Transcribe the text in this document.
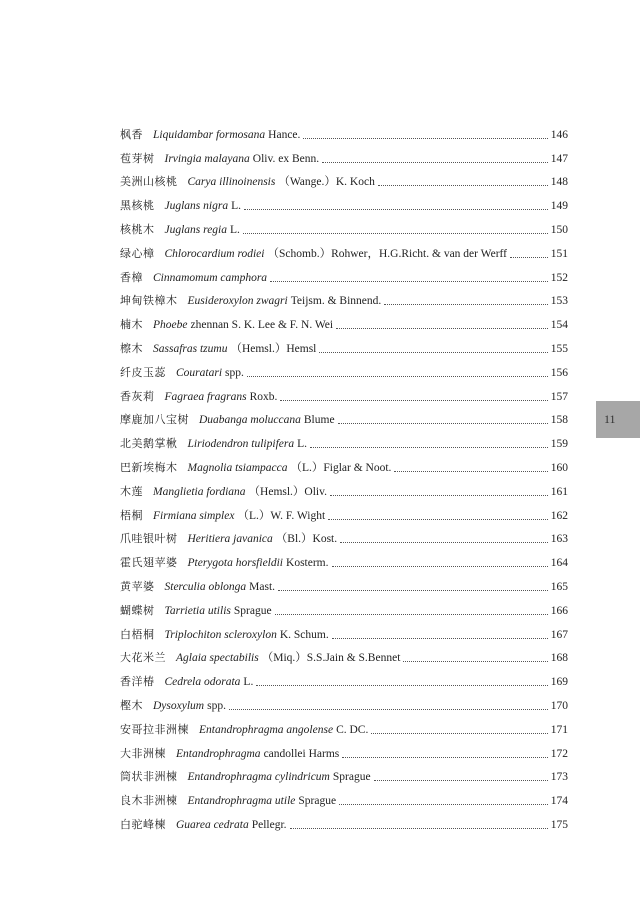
枫香 Liquidambar formosana Hance.	146
苞芽树 Irvingia malayana Oliv. ex Benn.	147
美洲山核桃 Carya illinoinensis （Wange.）K. Koch	148
黑核桃 Juglans nigra L.	149
核桃木 Juglans regia L.	150
绿心樟 Chlorocardium rodiei （Schomb.）Rohwer，H.G.Richt. & van der Werff	151
香樟 Cinnamomum camphora	152
坤甸铁樟木 Eusideroxylon zwagri Teijsm. & Binnend.	153
楠木 Phoebe zhennan S. K. Lee & F. N. Wei	154
檫木 Sassafras tzumu （Hemsl.）Hemsl	155
纤皮玉蕊 Couratari spp.	156
香灰莉 Fagraea fragrans Roxb.	157
摩鹿加八宝树 Duabanga moluccana Blume	158
北美鹅掌楸 Liriodendron tulipifera L.	159
巴新埃梅木 Magnolia tsiampacca （L.）Figlar & Noot.	160
木莲 Manglietia fordiana （Hemsl.）Oliv.	161
梧桐 Firmiana simplex （L.）W. F. Wight	162
爪哇银叶树 Heritiera javanica （Bl.）Kost.	163
霍氏翅苹婆 Pterygota horsfieldii Kosterm.	164
黄苹婆 Sterculia oblonga Mast.	165
蝴蝶树 Tarrietia utilis Sprague	166
白梧桐 Triplochiton scleroxylon K. Schum.	167
大花米兰 Aglaia spectabilis （Miq.）S.S.Jain & S.Bennet	168
香洋椿 Cedrela odorata L.	169
樫木 Dysoxylum spp.	170
安哥拉非洲楝 Entandrophragma angolense C. DC.	171
大非洲楝 Entandrophragma candollei Harms	172
筒状非洲楝 Entandrophragma cylindricum Sprague	173
良木非洲楝 Entandrophragma utile Sprague	174
白驼峰楝 Guarea cedrata Pellegr.	175
11
